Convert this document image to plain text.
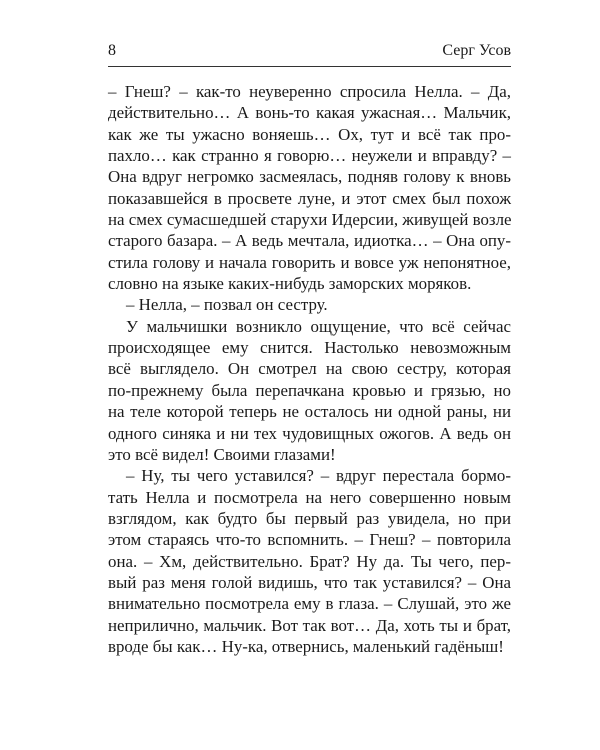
8	Серг Усов
– Гнеш? – как-то неуверенно спросила Нелла. – Да,
действительно… А вонь-то какая ужасная… Мальчик,
как же ты ужасно воняешь… Ох, тут и всё так про-
пахло… как странно я говорю… неужели и вправду? –
Она вдруг негромко засмеялась, подняв голову к вновь
показавшейся в просвете луне, и этот смех был похож
на смех сумасшедшей старухи Идерсии, живущей возле
старого базара. – А ведь мечтала, идиотка… – Она опу-
стила голову и начала говорить и вовсе уж непонятное,
словно на языке каких-нибудь заморских моряков.
– Нелла, – позвал он сестру.
У мальчишки возникло ощущение, что всё сейчас
происходящее ему снится. Настолько невозможным
всё выглядело. Он смотрел на свою сестру, которая
по-прежнему была перепачкана кровью и грязью, но
на теле которой теперь не осталось ни одной раны, ни
одного синяка и ни тех чудовищных ожогов. А ведь он
это всё видел! Своими глазами!
– Ну, ты чего уставился? – вдруг перестала бормо-
тать Нелла и посмотрела на него совершенно новым
взглядом, как будто бы первый раз увидела, но при
этом стараясь что-то вспомнить. – Гнеш? – повторила
она. – Хм, действительно. Брат? Ну да. Ты чего, пер-
вый раз меня голой видишь, что так уставился? – Она
внимательно посмотрела ему в глаза. – Слушай, это же
неприлично, мальчик. Вот так вот… Да, хоть ты и брат,
вроде бы как… Ну-ка, отвернись, маленький гадёныш!
